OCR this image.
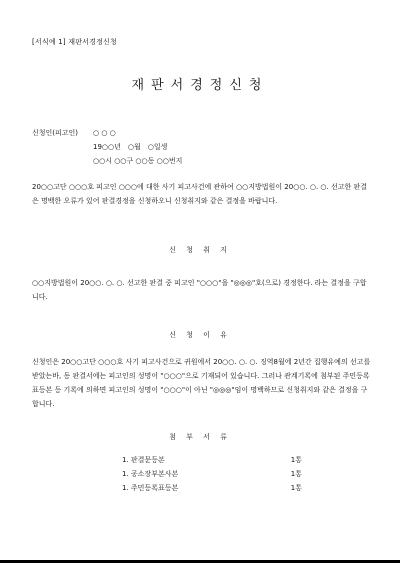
[서식예 1] 재판서경정신청
재판서경정신청
신청인(피고인) ○ ○ ○
19○○년　○월　○일생
○○시 ○○구 ○○동 ○○번지
20○○고단 ○○○호 피고인 ○○○에 대한 사기 피고사건에 관하여 ○○지방법원이 20○○. ○. ○. 선고한 판결은 명백한 오류가 있어 판결경정을 신청하오니 신청취지와 같은 결정을 바랍니다.
신 청 취 지
○○지방법원이 20○○. ○. ○. 선고한 판결 중 피고인 "○○○"을 "◎◎◎"호(으로) 경정한다. 라는 결정을 구합니다.
신 청 이 유
신청인은 20○○고단 ○○○호 사기 피고사건으로 귀원에서 20○○. ○. ○. 징역8월에 2년간 집행유예의 선고를 받았는바, 동 판결서에는 피고인의 성명이 "○○○"으로 기재되어 있습니다. 그러나 관계기록에 첨부된 주민등록표등본 등 기록에 의하면 피고인의 성명이 "○○○"이 아닌 "◎◎◎"임이 명백하므로 신청취지와 같은 결정을 구합니다.
첨 부 서 류
1. 판결문등본	1통
1. 공소장부본사본	1통
1. 주민등록표등본	1통
